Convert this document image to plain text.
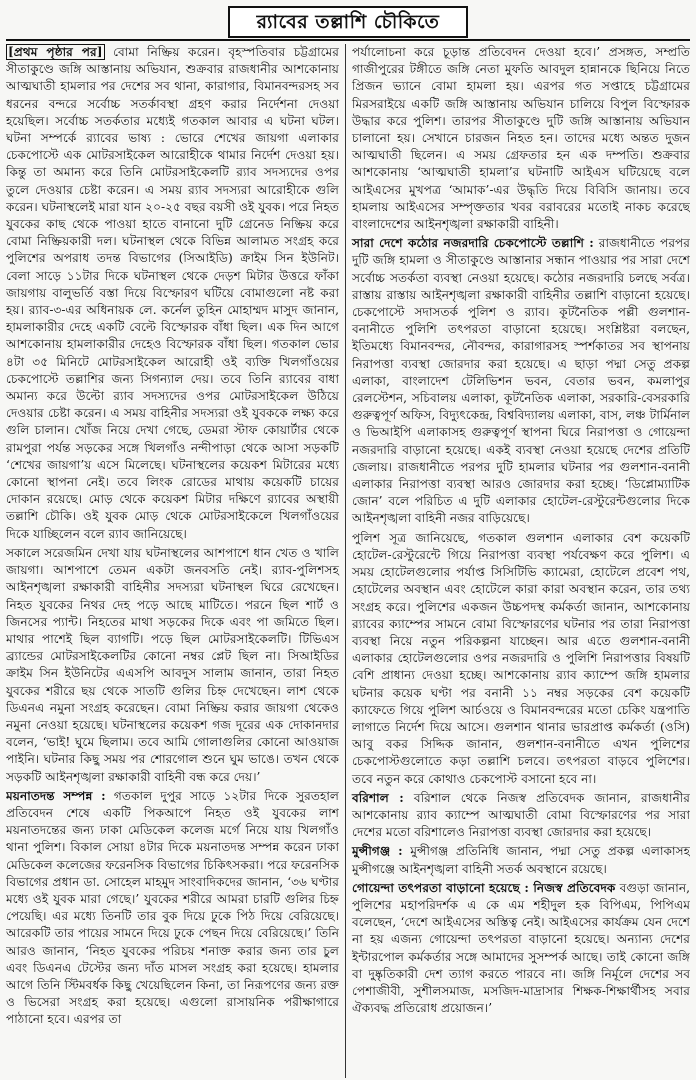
র‍্যাবের তল্লাশি চৌকিতে

[প্রথম পৃষ্ঠার পর] বোমা নিষ্ক্রিয় করেন। বৃহস্পতিবার চট্টগ্রামের সীতাকুণ্ডে জঙ্গি আস্তানায় অভিযান, শুক্রবার রাজধানীর আশকোনায় আত্মঘাতী হামলার পর দেশের সব থানা, কারাগার, বিমানবন্দরসহ সব ধরনের বন্দরে সর্বোচ্চ সতর্কাবস্থা গ্রহণ করার নির্দেশনা দেওয়া হয়েছিল। সর্বোচ্চ সতর্কতার মধ্যেই গতকাল আবার এ ঘটনা ঘটল। ঘটনা সম্পর্কে র‍্যাবের ভাষ্য : ভোরে শেখের জায়গা এলাকার চেকপোস্টে এক মোটরসাইকেল আরোহীকে থামার নির্দেশ দেওয়া হয়। কিন্তু তা অমান্য করে তিনি মোটরসাইকেলটি র‍্যাব সদস্যদের ওপর তুলে দেওয়ার চেষ্টা করেন। এ সময় র‍্যাব সদস্যরা আরোহীকে গুলি করেন। ঘটনাস্থলেই মারা যান ২০-২৫ বছর বয়সী ওই যুবক। পরে নিহত যুবকের কাছ থেকে পাওয়া হাতে বানানো দুটি গ্রেনেড নিষ্ক্রিয় করে বোমা নিষ্ক্রিয়কারী দল। ঘটনাস্থল থেকে বিভিন্ন আলামত সংগ্রহ করে পুলিশের অপরাধ তদন্ত বিভাগের (সিআইডি) ক্রাইম সিন ইউনিট। বেলা সাড়ে ১১টার দিকে ঘটনাস্থল থেকে দেড়শ মিটার উত্তরে ফাঁকা জায়গায় বালুভর্তি বস্তা দিয়ে বিস্ফোরণ ঘটিয়ে বোমাগুলো নষ্ট করা হয়। র‍্যাব-৩-এর অধিনায়ক লে. কর্নেল তুহিন মোহাম্মদ মাসুদ জানান, হামলাকারীর দেহে একটি বেল্টে বিস্ফোরক বাঁধা ছিল। এক দিন আগে আশকোনায় হামলাকারীর দেহেও বিস্ফোরক বাঁধা ছিল। গতকাল ভোর ৪টা ৩৫ মিনিটে মোটরসাইকেল আরোহী ওই ব্যক্তি খিলগাঁওয়ের চেকপোস্টে তল্লাশির জন্য সিগন্যাল দেয়। তবে তিনি র‍্যাবের বাধা অমান্য করে উল্টো র‍্যাব সদস্যদের ওপর মোটরসাইকেল উঠিয়ে দেওয়ার চেষ্টা করেন। এ সময় বাহিনীর সদস্যরা ওই যুবককে লক্ষ্য করে গুলি চালান। খোঁজ নিয়ে দেখা গেছে, ডেমরা স্টাফ কোয়ার্টার থেকে রামপুরা পর্যন্ত সড়কের সঙ্গে খিলগাঁও নন্দীপাড়া থেকে আসা সড়কটি ‘শেখের জায়গা’য় এসে মিলেছে। ঘটনাস্থলের কয়েকশ মিটারের মধ্যে কোনো স্থাপনা নেই। তবে লিংক রোডের মাথায় কয়েকটি চায়ের দোকান রয়েছে। মোড় থেকে কয়েকশ মিটার দক্ষিণে র‍্যাবের অস্থায়ী তল্লাশি চৌকি। ওই যুবক মোড় থেকে মোটরসাইকেলে খিলগাঁওয়ের দিকে যাচ্ছিলেন বলে র‍্যাব জানিয়েছে।

সকালে সরেজমিন দেখা যায় ঘটনাস্থলের আশপাশে ধান খেত ও খালি জায়গা। আশপাশে তেমন একটা জনবসতি নেই। র‍্যাব-পুলিশসহ আইনশৃঙ্খলা রক্ষাকারী বাহিনীর সদস্যরা ঘটনাস্থল ঘিরে রেখেছেন। নিহত যুবকের নিথর দেহ পড়ে আছে মাটিতে। পরনে ছিল শার্ট ও জিনসের প্যান্ট। নিহতের মাথা সড়কের দিকে এবং পা জমিতে ছিল। মাথার পাশেই ছিল ব্যাগটি। পড়ে ছিল মোটরসাইকেলটি। টিভিএস ব্র্যান্ডের মোটরসাইকেলটির কোনো নম্বর প্লেট ছিল না। সিআইডির ক্রাইম সিন ইউনিটের এএসপি আবদুস সালাম জানান, তারা নিহত যুবকের শরীরে ছয় থেকে সাতটি গুলির চিহ্ন দেখেছেন। লাশ থেকে ডিএনএ নমুনা সংগ্রহ করেছেন। বোমা নিষ্ক্রিয় করার জায়গা থেকেও নমুনা নেওয়া হয়েছে। ঘটনাস্থলের কয়েকশ গজ দূরের এক দোকানদার বলেন, ‘ভাই! ঘুমে ছিলাম। তবে আমি গোলাগুলির কোনো আওয়াজ পাইনি। ঘটনার কিছু সময় পর শোরগোল শুনে ঘুম ভাঙে। তখন থেকে সড়কটি আইনশৃঙ্খলা রক্ষাকারী বাহিনী বন্ধ করে দেয়।’

ময়নাতদন্ত সম্পন্ন : গতকাল দুপুর সাড়ে ১২টার দিকে সুরতহাল প্রতিবেদন শেষে একটি পিকআপে নিহত ওই যুবকের লাশ ময়নাতদন্তের জন্য ঢাকা মেডিকেল কলেজ মর্গে নিয়ে যায় খিলগাঁও থানা পুলিশ। বিকাল সোয়া ৪টার দিকে ময়নাতদন্ত সম্পন্ন করেন ঢাকা মেডিকেল কলেজের ফরেনসিক বিভাগের চিকিৎসকরা। পরে ফরেনসিক বিভাগের প্রধান ডা. সোহেল মাহমুদ সাংবাদিকদের জানান, ‘৩৬ ঘণ্টার মধ্যে ওই যুবক মারা গেছে।’ যুবকের শরীরে আমরা চারটি গুলির চিহ্ন পেয়েছি। এর মধ্যে তিনটি তার বুক দিয়ে ঢুকে পিঠ দিয়ে বেরিয়েছে। আরেকটি তার পায়ের সামনে দিয়ে ঢুকে পেছন দিয়ে বেরিয়েছে।’ তিনি আরও জানান, ‘নিহত যুবকের পরিচয় শনাক্ত করার জন্য তার চুল এবং ডিএনএ টেস্টের জন্য দাঁত মাসল সংগ্রহ করা হয়েছে। হামলার আগে তিনি স্টিমবর্ধক কিছু খেয়েছিলেন কিনা, তা নিরূপণের জন্য রক্ত ও ভিসেরা সংগ্রহ করা হয়েছে। এগুলো রাসায়নিক পরীক্ষাগারে পাঠানো হবে। এরপর তা

পর্যালোচনা করে চূড়ান্ত প্রতিবেদন দেওয়া হবে।’ প্রসঙ্গত, সম্প্রতি গাজীপুরের টঙ্গীতে জঙ্গি নেতা মুফতি আবদুল হান্নানকে ছিনিয়ে নিতে প্রিজন ভ্যানে বোমা হামলা হয়। এরপর গত সপ্তাহে চট্টগ্রামের মিরসরাইয়ে একটি জঙ্গি আস্তানায় অভিযান চালিয়ে বিপুল বিস্ফোরক উদ্ধার করে পুলিশ। তারপর সীতাকুণ্ডে দুটি জঙ্গি আস্তানায় অভিযান চালানো হয়। সেখানে চারজন নিহত হন। তাদের মধ্যে অন্তত দুজন আত্মঘাতী ছিলেন। এ সময় গ্রেফতার হন এক দম্পতি। শুক্রবার আশকোনায় ‘আত্মঘাতী হামলা’র ঘটনাটি আইএস ঘটিয়েছে বলে আইএসের মুখপত্র ‘আমাক’-এর উদ্ধৃতি দিয়ে বিবিসি জানায়। তবে হামলায় আইএসের সম্পৃক্ততার খবর বরাবরের মতোই নাকচ করেছে বাংলাদেশের আইনশৃঙ্খলা রক্ষাকারী বাহিনী।

সারা দেশে কঠোর নজরদারি চেকপোস্টে তল্লাশি : রাজধানীতে পরপর দুটি জঙ্গি হামলা ও সীতাকুণ্ডে আস্তানার সন্ধান পাওয়ার পর সারা দেশে সর্বোচ্চ সতর্কতা ব্যবস্থা নেওয়া হয়েছে। কঠোর নজরদারি চলছে সর্বত্র। রাস্তায় রাস্তায় আইনশৃঙ্খলা রক্ষাকারী বাহিনীর তল্লাশি বাড়ানো হয়েছে। চেকপোস্টে সদাসতর্ক পুলিশ ও র‍্যাব। কূটনৈতিক পল্লী গুলশান-বনানীতে পুলিশি তৎপরতা বাড়ানো হয়েছে। সংশ্লিষ্টরা বলছেন, ইতিমধ্যে বিমানবন্দর, নৌবন্দর, কারাগারসহ স্পর্শকাতর সব স্থাপনায় নিরাপত্তা ব্যবস্থা জোরদার করা হয়েছে। এ ছাড়া পদ্মা সেতু প্রকল্প এলাকা, বাংলাদেশ টেলিভিশন ভবন, বেতার ভবন, কমলাপুর রেলস্টেশন, সচিবালয় এলাকা, কূটনৈতিক এলাকা, সরকারি-বেসরকারি গুরুত্বপূর্ণ অফিস, বিদ্যুৎকেন্দ্র, বিশ্ববিদ্যালয় এলাকা, বাস, লঞ্চ টার্মিনাল ও ভিআইপি এলাকাসহ গুরুত্বপূর্ণ স্থাপনা ঘিরে নিরাপত্তা ও গোয়েন্দা নজরদারি বাড়ানো হয়েছে। একই ব্যবস্থা নেওয়া হয়েছে দেশের প্রতিটি জেলায়। রাজধানীতে পরপর দুটি হামলার ঘটনার পর গুলশান-বনানী এলাকার নিরাপত্তা ব্যবস্থা আরও জোরদার করা হচ্ছে। ‘ডিপ্লোম্যাটিক জোন’ বলে পরিচিত এ দুটি এলাকার হোটেল-রেস্টুরেন্টগুলোর দিকে আইনশৃঙ্খলা বাহিনী নজর বাড়িয়েছে।

পুলিশ সূত্র জানিয়েছে, গতকাল গুলশান এলাকার বেশ কয়েকটি হোটেল-রেস্টুরেন্টে গিয়ে নিরাপত্তা ব্যবস্থা পর্যবেক্ষণ করে পুলিশ। এ সময় হোটেলগুলোর পর্যাপ্ত সিসিটিভি ক্যামেরা, হোটেলে প্রবেশ পথ, হোটেলের অবস্থান এবং হোটেলে কারা কারা অবস্থান করেন, তার তথ্য সংগ্রহ করে। পুলিশের একজন উচ্চপদস্থ কর্মকর্তা জানান, আশকোনায় র‍্যাবের ক্যাম্পের সামনে বোমা বিস্ফোরণের ঘটনার পর তারা নিরাপত্তা ব্যবস্থা নিয়ে নতুন পরিকল্পনা যাচ্ছেন। আর এতে গুলশান-বনানী এলাকার হোটেলগুলোর ওপর নজরদারি ও পুলিশি নিরাপত্তার বিষয়টি বেশি প্রাধান্য দেওয়া হচ্ছে। আশকোনায় র‍্যাব ক্যাম্পে জঙ্গি হামলার ঘটনার কয়েক ঘণ্টা পর বনানী ১১ নম্বর সড়কের বেশ কয়েকটি ক্যাফেতে গিয়ে পুলিশ আর্চওয়ে ও বিমানবন্দরের মতো চেকিং যন্ত্রপাতি লাগাতে নির্দেশ দিয়ে আসে। গুলশান থানার ভারপ্রাপ্ত কর্মকর্তা (ওসি) আবু বকর সিদ্দিক জানান, গুলশান-বনানীতে এখন পুলিশের চেকপোস্টগুলোতে কড়া তল্লাশি চলবে। তৎপরতা বাড়বে পুলিশের। তবে নতুন করে কোথাও চেকপোস্ট বসানো হবে না।

বরিশাল : বরিশাল থেকে নিজস্ব প্রতিবেদক জানান, রাজধানীর আশকোনায় র‍্যাব ক্যাম্পে আত্মঘাতী বোমা বিস্ফোরণের পর সারা দেশের মতো বরিশালেও নিরাপত্তা ব্যবস্থা জোরদার করা হয়েছে।

মুন্সীগঞ্জ : মুন্সীগঞ্জ প্রতিনিধি জানান, পদ্মা সেতু প্রকল্প এলাকাসহ মুন্সীগঞ্জে আইনশৃঙ্খলা বাহিনী সতর্ক অবস্থানে রয়েছে।

গোয়েন্দা তৎপরতা বাড়ানো হয়েছে : নিজস্ব প্রতিবেদক বগুড়া জানান, পুলিশের মহাপরিদর্শক এ কে এম শহীদুল হক বিপিএম, পিপিএম বলেছেন, ‘দেশে আইএসের অস্তিত্ব নেই। আইএসের কার্যক্রম যেন দেশে না হয় এজন্য গোয়েন্দা তৎপরতা বাড়ানো হয়েছে। অন্যান্য দেশের ইন্টারপোল কর্মকর্তার সঙ্গে আমাদের সুসম্পর্ক আছে। তাই কোনো জঙ্গি বা দুষ্কৃতিকারী দেশ ত্যাগ করতে পারবে না। জঙ্গি নির্মূলে দেশের সব পেশাজীবী, সুশীলসমাজ, মসজিদ-মাদ্রাসার শিক্ষক-শিক্ষার্থীসহ সবার ঐক্যবদ্ধ প্রতিরোধ প্রয়োজন।’
